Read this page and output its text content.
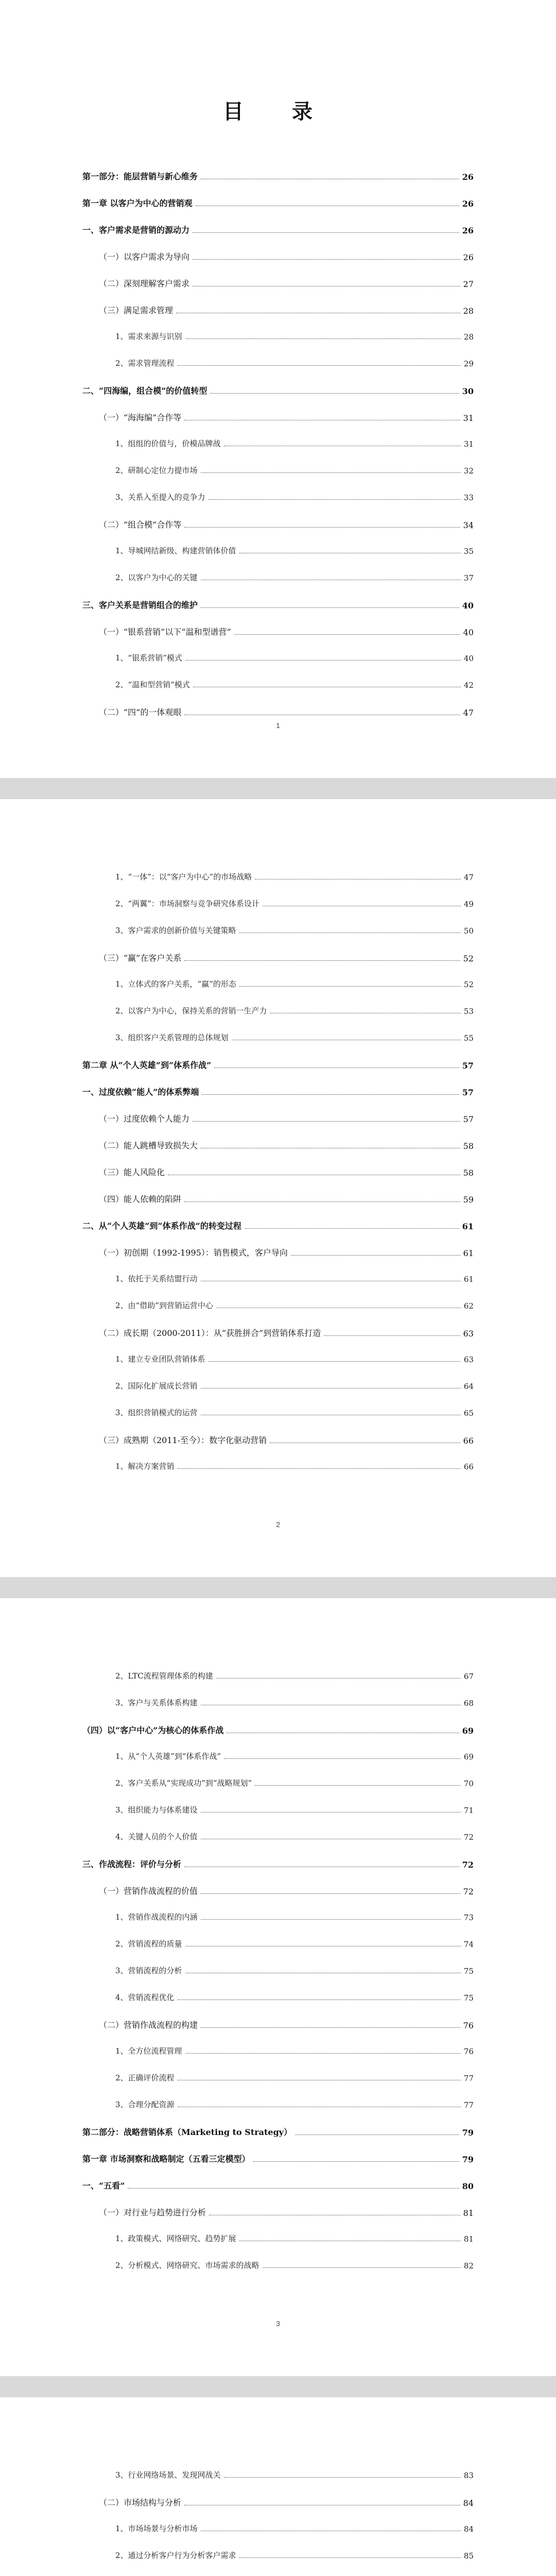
目 录
第一部分：能层营销与新心维务	26
第一章 以客户为中心的营销观	26
一、客户需求是营销的源动力	26
（一）以客户需求为导向	26
（二）深刻理解客户需求	27
（三）满足需求管理	28
1、需求来源与识别	28
2、需求管理流程	29
二、“四海编，组合模”的价值转型	30
（一）“海海编”合作等	31
1、组组的价值与，价模品牌战	31
2、研制心定位力提市场	32
3、关系入至提入的竞争力	33
（二）“组合模”合作等	34
1、导城网结新级、构建营销体价值	35
2、以客户为中心的关键	37
三、客户关系是营销组合的维护	40
（一）“银系营销”以下“温和型谱营”	40
1、“银系营销”模式	40
2、“温和型营销”模式	42
（二）“四”的一体观眼	47
1
1、“一体”：以“客户为中心”的市场战略	47
2、“两翼”：市场洞察与竞争研究体系设计	49
3、客户需求的创新价值与关键策略	50
（三）“赢”在客户关系	52
1、立体式的客户关系，“赢”的形态	52
2、以客户为中心，保持关系的营销一生产力	53
3、组织客户关系管理的总体规划	55
第二章 从“个人英雄”到“体系作战”	57
一、过度依赖“能人”的体系弊端	57
（一）过度依赖个人能力	57
（二）能人跳槽导致损失大	58
（三）能人风险化	58
（四）能人依赖的陷阱	59
二、从“个人英雄”到“体系作战”的转变过程	61
（一）初创期（1992-1995）：销售模式，客户导向	61
1、依托于关系结盟行动	61
2、由“借助”到营销运营中心	62
（二）成长期（2000-2011）：从“获胜拼合”到营销体系打造	63
1、建立专业团队营销体系	63
2、国际化扩展成长营销	64
3、组织营销模式的运营	65
（三）成熟期（2011-至今）：数字化驱动营销	66
1、解决方案营销	66
2
2、LTC流程管理体系的构建	67
3、客户与关系体系构建	68
（四）以“客户中心”为核心的体系作战	69
1、从“个人英雄”到“体系作战”	69
2、客户关系从“实现成功”到“战略规划”	70
3、组织能力与体系建设	71
4、关键人员的个人价值	72
三、作战流程：评价与分析	72
（一）营销作战流程的价值	72
1、营销作战流程的内涵	73
2、营销流程的质量	74
3、营销流程的分析	75
4、营销流程优化	75
（二）营销作战流程的构建	76
1、全方位流程管理	76
2、正确评价流程	77
3、合理分配资源	77
第二部分：战略营销体系（Marketing to Strategy）	79
第一章 市场洞察和战略制定（五看三定模型）	79
一、“五看”	80
（一）对行业与趋势进行分析	81
1、政策模式、网络研究、趋势扩展	81
2、分析模式、网络研究、市场需求的战略	82
3
3、行业网络场景、发现网战关	83
（二）市场结构与分析	84
1、市场场景与分析市场	84
2、通过分析客户行为分析客户需求	85
